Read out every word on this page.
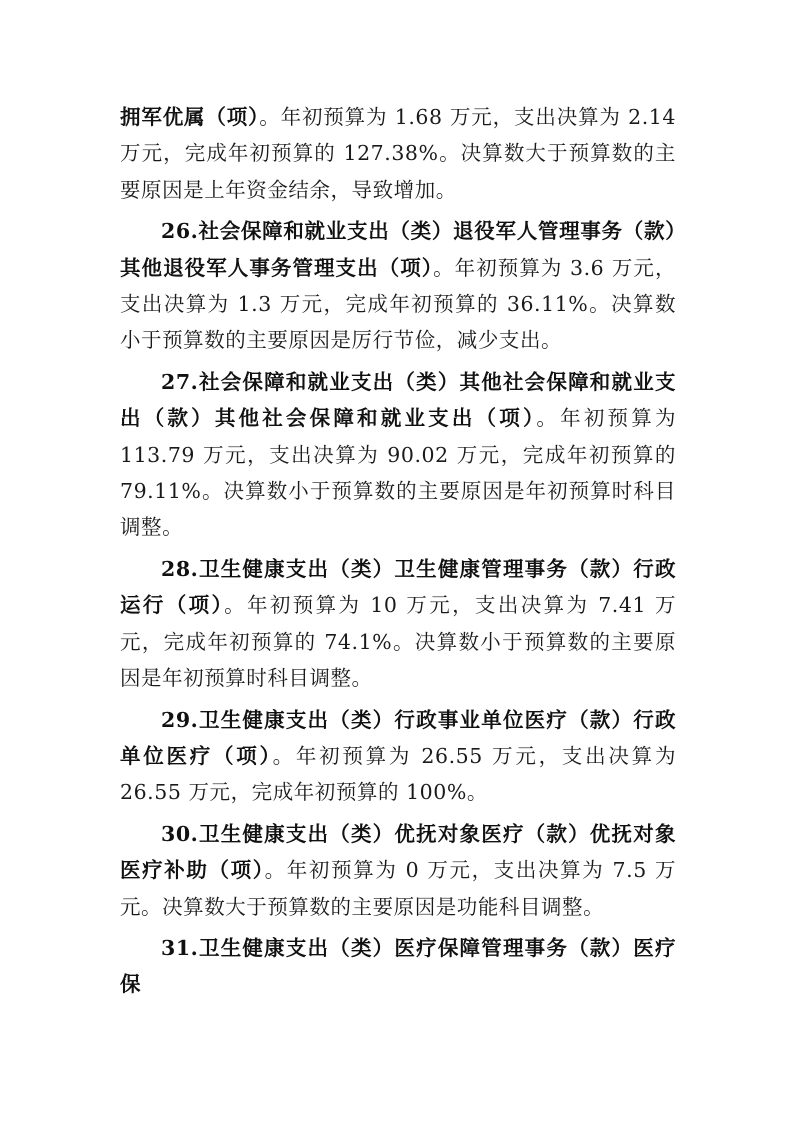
拥军优属（项）。年初预算为 1.68 万元，支出决算为 2.14 万元，完成年初预算的 127.38%。决算数大于预算数的主要原因是上年资金结余，导致增加。

26.社会保障和就业支出（类）退役军人管理事务（款）其他退役军人事务管理支出（项）。年初预算为 3.6 万元，支出决算为 1.3 万元，完成年初预算的 36.11%。决算数小于预算数的主要原因是厉行节俭，减少支出。

27.社会保障和就业支出（类）其他社会保障和就业支出（款）其他社会保障和就业支出（项）。年初预算为 113.79 万元，支出决算为 90.02 万元，完成年初预算的 79.11%。决算数小于预算数的主要原因是年初预算时科目调整。

28.卫生健康支出（类）卫生健康管理事务（款）行政运行（项）。年初预算为 10 万元，支出决算为 7.41 万元，完成年初预算的 74.1%。决算数小于预算数的主要原因是年初预算时科目调整。

29.卫生健康支出（类）行政事业单位医疗（款）行政单位医疗（项）。年初预算为 26.55 万元，支出决算为 26.55 万元，完成年初预算的 100%。

30.卫生健康支出（类）优抚对象医疗（款）优抚对象医疗补助（项）。年初预算为 0 万元，支出决算为 7.5 万元。决算数大于预算数的主要原因是功能科目调整。

31.卫生健康支出（类）医疗保障管理事务（款）医疗保
